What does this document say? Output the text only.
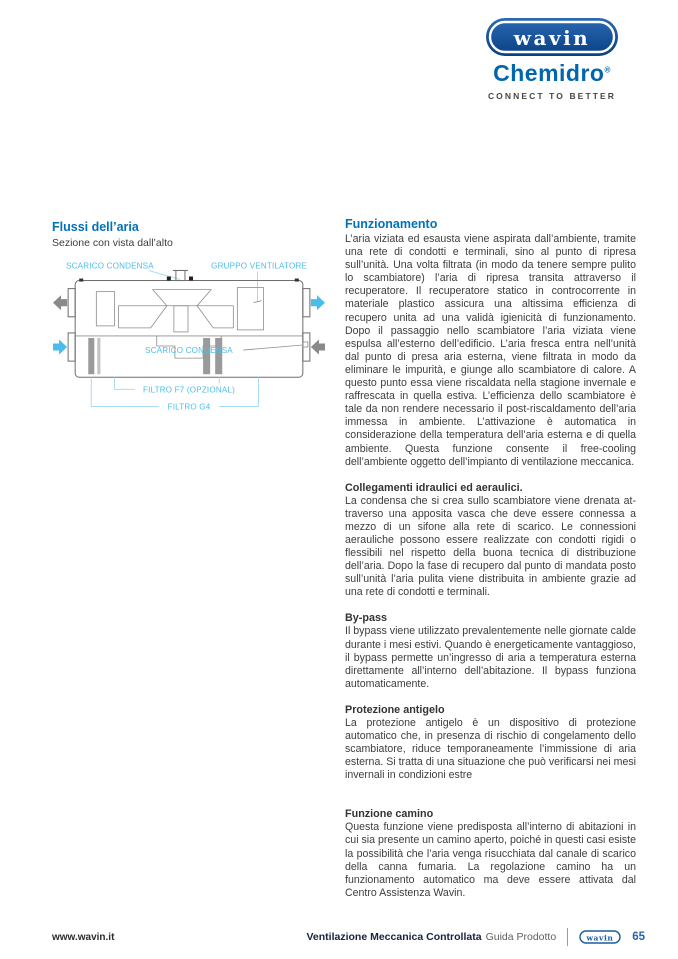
wavin
Chemidro®
CONNECT TO BETTER
Flussi dell’aria
Sezione con vista dall’alto
SCARICO CONDENSA	GRUPPO VENTILATORE
SCARICO CONDENSA
FILTRO F7 (OPZIONAL)
FILTRO G4
Funzionamento

L’aria viziata ed esausta viene aspirata dall’ambiente, tramite una rete di condotti e terminali, sino al punto di ripresa sull’unità. Una volta filtrata (in modo da tenere sempre pulito lo scambiatore) l’aria di ripresa transita attraverso il recuperatore. Il recuperatore statico in controcorrente in materiale plastico assicura una altissima efficienza di recupero unita ad una validà igienicità di funzionamento. Dopo il passaggio nello scambiatore l’aria viziata viene espulsa all’esterno dell’edificio. L’aria fresca entra nell’unità dal punto di presa aria esterna, viene filtrata in modo da eliminare le impurità, e giunge allo scambiatore di calore. A questo punto essa viene riscaldata nella stagione invernale e raffrescata in quella estiva. L’efficienza dello scambiatore è tale da non rendere necessario il post-riscaldamento dell’aria immessa in ambiente. L’attivazione è automatica in considerazione della temperatura dell’aria esterna e di quella ambiente. Questa funzione consente il free-cooling dell’ambiente oggetto dell’impianto di ventilazione meccanica.

Collegamenti idraulici ed aeraulici.

La condensa che si crea sullo scambiatore viene drenata at-traverso una apposita vasca che deve essere connessa a mezzo di un sifone alla rete di scarico. Le connessioni aerauliche possono essere realizzate con condotti rigidi o flessibili nel rispetto della buona tecnica di distribuzione dell’aria. Dopo la fase di recupero dal punto di mandata posto sull’unità l’aria pulita viene distribuita in ambiente grazie ad una rete di condotti e terminali.

By-pass

Il bypass viene utilizzato prevalentemente nelle giornate calde durante i mesi estivi. Quando è energeticamente vantaggioso, il bypass permette un’ingresso di aria a temperatura esterna direttamente all’interno dell’abitazione. Il bypass funziona automaticamente.

Protezione antigelo

La protezione antigelo è un dispositivo di protezione automatico che, in presenza di rischio di congelamento dello scambiatore, riduce temporaneamente l’immissione di aria esterna. Si tratta di una situazione che può verificarsi nei mesi invernali in condizioni estre

Funzione camino

Questa funzione viene predisposta all’interno di abitazioni in cui sia presente un camino aperto, poiché in questi casi esiste la possibilità che l’aria venga risucchiata dal canale di scarico della canna fumaria. La regolazione camino ha un funzionamento automatico ma deve essere attivata dal Centro Assistenza Wavin.

www.wavin.it	Ventilazione Meccanica Controllata Guida Prodotto	wavin 65
